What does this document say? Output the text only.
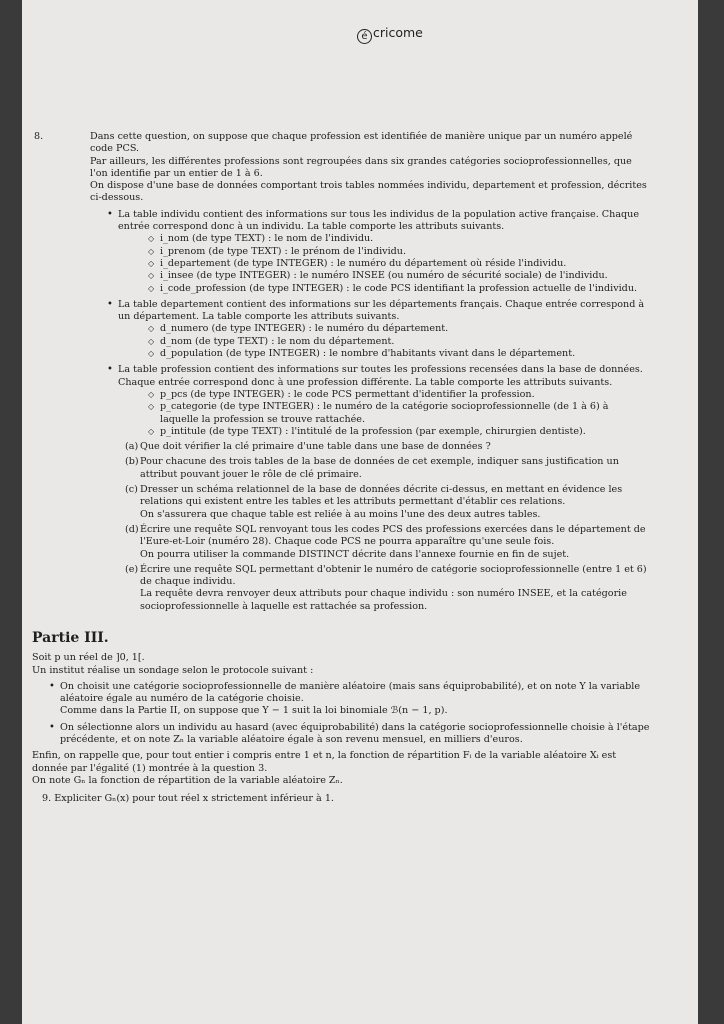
é cricome
8.	Dans cette question, on suppose que chaque profession est identifiée de manière unique par un numéro appelé code PCS.

Par ailleurs, les différentes professions sont regroupées dans six grandes catégories socioprofessionnelles, que l'on identifie par un entier de 1 à 6.

On dispose d'une base de données comportant trois tables nommées individu, departement et profession, décrites ci-dessous.

• La table individu contient des informations sur tous les individus de la population active française. Chaque entrée correspond donc à un individu. La table comporte les attributs suivants.
◇ i_nom (de type TEXT) : le nom de l'individu.
◇ i_prenom (de type TEXT) : le prénom de l'individu.
◇ i_departement (de type INTEGER) : le numéro du département où réside l'individu.
◇ i_insee (de type INTEGER) : le numéro INSEE (ou numéro de sécurité sociale) de l'individu.
◇ i_code_profession (de type INTEGER) : le code PCS identifiant la profession actuelle de l'individu.
• La table departement contient des informations sur les départements français. Chaque entrée correspond à un département. La table comporte les attributs suivants.
◇ d_numero (de type INTEGER) : le numéro du département.
◇ d_nom (de type TEXT) : le nom du département.
◇ d_population (de type INTEGER) : le nombre d'habitants vivant dans le département.
• La table profession contient des informations sur toutes les professions recensées dans la base de données. Chaque entrée correspond donc à une profession différente. La table comporte les attributs suivants.
◇ p_pcs (de type INTEGER) : le code PCS permettant d'identifier la profession.
◇ p_categorie (de type INTEGER) : le numéro de la catégorie socioprofessionnelle (de 1 à 6) à laquelle la profession se trouve rattachée.
◇ p_intitule (de type TEXT) : l'intitulé de la profession (par exemple, chirurgien dentiste).
(a) Que doit vérifier la clé primaire d'une table dans une base de données ?
(b) Pour chacune des trois tables de la base de données de cet exemple, indiquer sans justification un attribut pouvant jouer le rôle de clé primaire.
(c) Dresser un schéma relationnel de la base de données décrite ci-dessus, en mettant en évidence les relations qui existent entre les tables et les attributs permettant d'établir ces relations.
On s'assurera que chaque table est reliée à au moins l'une des deux autres tables.
(d) Écrire une requête SQL renvoyant tous les codes PCS des professions exercées dans le département de l'Eure-et-Loir (numéro 28). Chaque code PCS ne pourra apparaître qu'une seule fois.
On pourra utiliser la commande DISTINCT décrite dans l'annexe fournie en fin de sujet.
(e) Écrire une requête SQL permettant d'obtenir le numéro de catégorie socioprofessionnelle (entre 1 et 6) de chaque individu.
La requête devra renvoyer deux attributs pour chaque individu : son numéro INSEE, et la catégorie socioprofessionnelle à laquelle est rattachée sa profession.
Partie III.

Soit p un réel de ]0, 1[.

Un institut réalise un sondage selon le protocole suivant :

• On choisit une catégorie socioprofessionnelle de manière aléatoire (mais sans équiprobabilité), et on note Y la variable aléatoire égale au numéro de la catégorie choisie.
Comme dans la Partie II, on suppose que Y − 1 suit la loi binomiale ℬ(n − 1, p).
• On sélectionne alors un individu au hasard (avec équiprobabilité) dans la catégorie socioprofessionnelle choisie à l'étape précédente, et on note Zₙ la variable aléatoire égale à son revenu mensuel, en milliers d'euros.

Enfin, on rappelle que, pour tout entier i compris entre 1 et n, la fonction de répartition Fᵢ de la variable aléatoire Xᵢ est donnée par l'égalité (1) montrée à la question 3.

On note Gₙ la fonction de répartition de la variable aléatoire Zₙ.

9. Expliciter Gₙ(x) pour tout réel x strictement inférieur à 1.
